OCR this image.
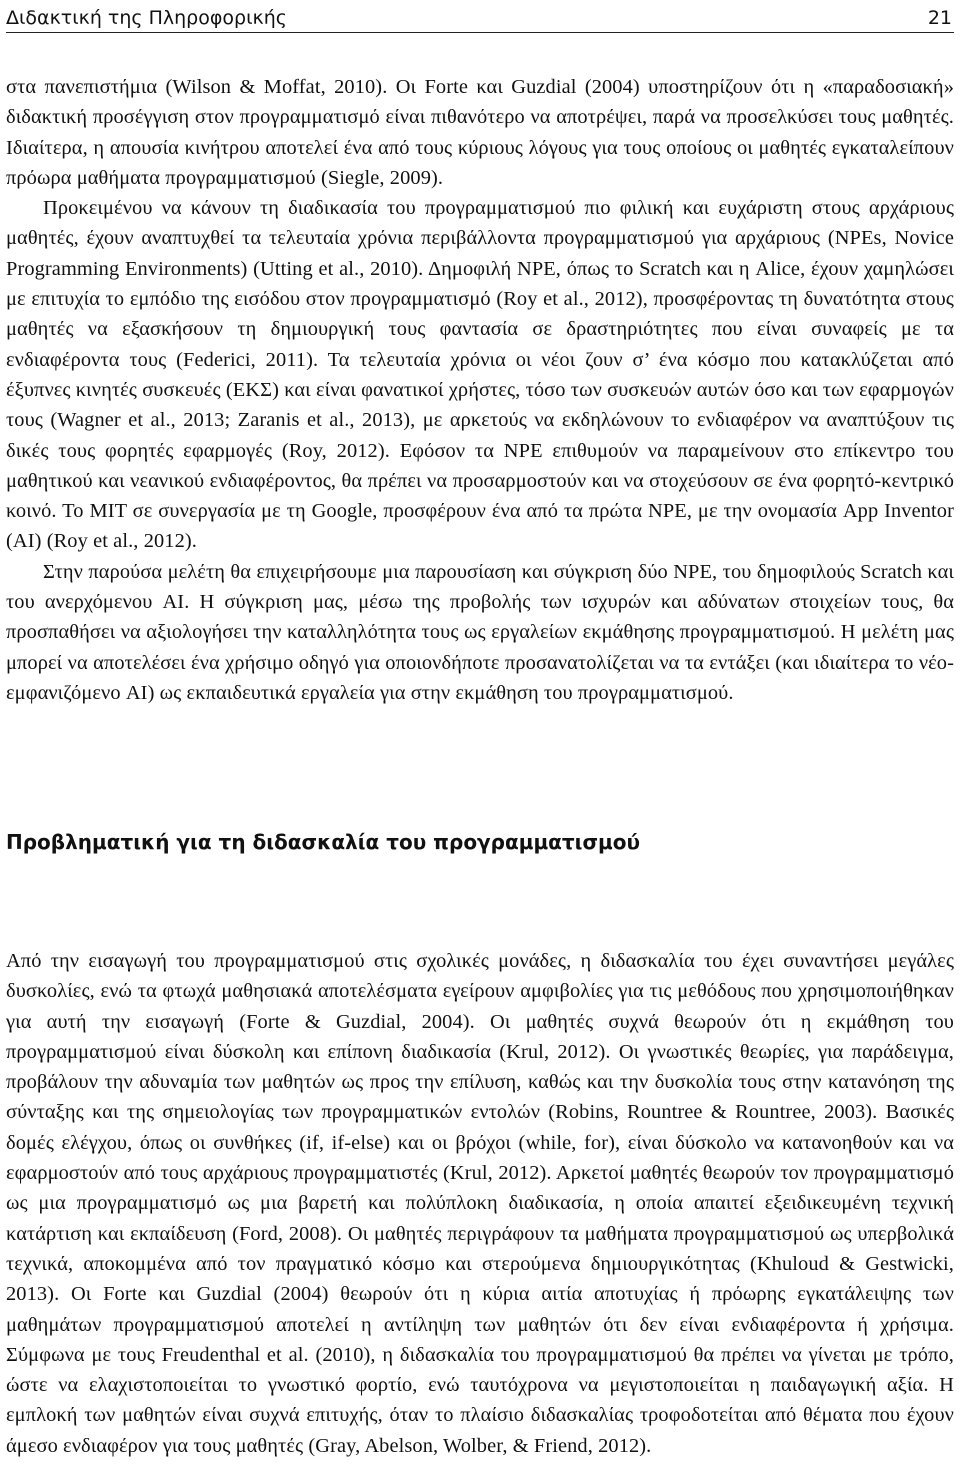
Διδακτική της Πληροφορικής	21

στα πανεπιστήμια (Wilson & Moffat, 2010). Οι Forte και Guzdial (2004) υποστηρίζουν ότι η «παραδοσιακή» διδακτική προσέγγιση στον προγραμματισμό είναι πιθανότερο να αποτρέψει, παρά να προσελκύσει τους μαθητές. Ιδιαίτερα, η απουσία κινήτρου αποτελεί ένα από τους κύριους λόγους για τους οποίους οι μαθητές εγκαταλείπουν πρόωρα μαθήματα προγραμματισμού (Siegle, 2009).

Προκειμένου να κάνουν τη διαδικασία του προγραμματισμού πιο φιλική και ευχάριστη στους αρχάριους μαθητές, έχουν αναπτυχθεί τα τελευταία χρόνια περιβάλλοντα προγραμματισμού για αρχάριους (NPEs, Novice Programming Environments) (Utting et al., 2010). Δημοφιλή NPE, όπως το Scratch και η Alice, έχουν χαμηλώσει με επιτυχία το εμπόδιο της εισόδου στον προγραμματισμό (Roy et al., 2012), προσφέροντας τη δυνατότητα στους μαθητές να εξασκήσουν τη δημιουργική τους φαντασία σε δραστηριότητες που είναι συναφείς με τα ενδιαφέροντα τους (Federici, 2011). Τα τελευταία χρόνια οι νέοι ζουν σ’ ένα κόσμο που κατακλύζεται από έξυπνες κινητές συσκευές (ΕΚΣ) και είναι φανατικοί χρήστες, τόσο των συσκευών αυτών όσο και των εφαρμογών τους (Wagner et al., 2013; Zaranis et al., 2013), με αρκετούς να εκδηλώνουν το ενδιαφέρον να αναπτύξουν τις δικές τους φορητές εφαρμογές (Roy, 2012). Εφόσον τα NPE επιθυμούν να παραμείνουν στο επίκεντρο του μαθητικού και νεανικού ενδιαφέροντος, θα πρέπει να προσαρμοστούν και να στοχεύσουν σε ένα φορητό-κεντρικό κοινό. Το MIT σε συνεργασία με τη Google, προσφέρουν ένα από τα πρώτα NPE, με την ονομασία App Inventor (AI) (Roy et al., 2012).

Στην παρούσα μελέτη θα επιχειρήσουμε μια παρουσίαση και σύγκριση δύο NPE, του δημοφιλούς Scratch και του ανερχόμενου AI. Η σύγκριση μας, μέσω της προβολής των ισχυρών και αδύνατων στοιχείων τους, θα προσπαθήσει να αξιολογήσει την καταλληλότητα τους ως εργαλείων εκμάθησης προγραμματισμού. Η μελέτη μας μπορεί να αποτελέσει ένα χρήσιμο οδηγό για οποιονδήποτε προσανατολίζεται να τα εντάξει (και ιδιαίτερα το νέο-εμφανιζόμενο AI) ως εκπαιδευτικά εργαλεία για στην εκμάθηση του προγραμματισμού.

Προβληματική για τη διδασκαλία του προγραμματισμού

Από την εισαγωγή του προγραμματισμού στις σχολικές μονάδες, η διδασκαλία του έχει συναντήσει μεγάλες δυσκολίες, ενώ τα φτωχά μαθησιακά αποτελέσματα εγείρουν αμφιβολίες για τις μεθόδους που χρησιμοποιήθηκαν για αυτή την εισαγωγή (Forte & Guzdial, 2004). Οι μαθητές συχνά θεωρούν ότι η εκμάθηση του προγραμματισμού είναι δύσκολη και επίπονη διαδικασία (Krul, 2012). Οι γνωστικές θεωρίες, για παράδειγμα, προβάλουν την αδυναμία των μαθητών ως προς την επίλυση, καθώς και την δυσκολία τους στην κατανόηση της σύνταξης και της σημειολογίας των προγραμματικών εντολών (Robins, Rountree & Rountree, 2003). Βασικές δομές ελέγχου, όπως οι συνθήκες (if, if-else) και οι βρόχοι (while, for), είναι δύσκολο να κατανοηθούν και να εφαρμοστούν από τους αρχάριους προγραμματιστές (Krul, 2012). Αρκετοί μαθητές θεωρούν τον προγραμματισμό ως μια προγραμματισμό ως μια βαρετή και πολύπλοκη διαδικασία, η οποία απαιτεί εξειδικευμένη τεχνική κατάρτιση και εκπαίδευση (Ford, 2008). Οι μαθητές περιγράφουν τα μαθήματα προγραμματισμού ως υπερβολικά τεχνικά, αποκομμένα από τον πραγματικό κόσμο και στερούμενα δημιουργικότητας (Khuloud & Gestwicki, 2013). Οι Forte και Guzdial (2004) θεωρούν ότι η κύρια αιτία αποτυχίας ή πρόωρης εγκατάλειψης των μαθημάτων προγραμματισμού αποτελεί η αντίληψη των μαθητών ότι δεν είναι ενδιαφέροντα ή χρήσιμα. Σύμφωνα με τους Freudenthal et al. (2010), η διδασκαλία του προγραμματισμού θα πρέπει να γίνεται με τρόπο, ώστε να ελαχιστοποιείται το γνωστικό φορτίο, ενώ ταυτόχρονα να μεγιστοποιείται η παιδαγωγική αξία. Η εμπλοκή των μαθητών είναι συχνά επιτυχής, όταν το πλαίσιο διδασκαλίας τροφοδοτείται από θέματα που έχουν άμεσο ενδιαφέρον για τους μαθητές (Gray, Abelson, Wolber, & Friend, 2012).
